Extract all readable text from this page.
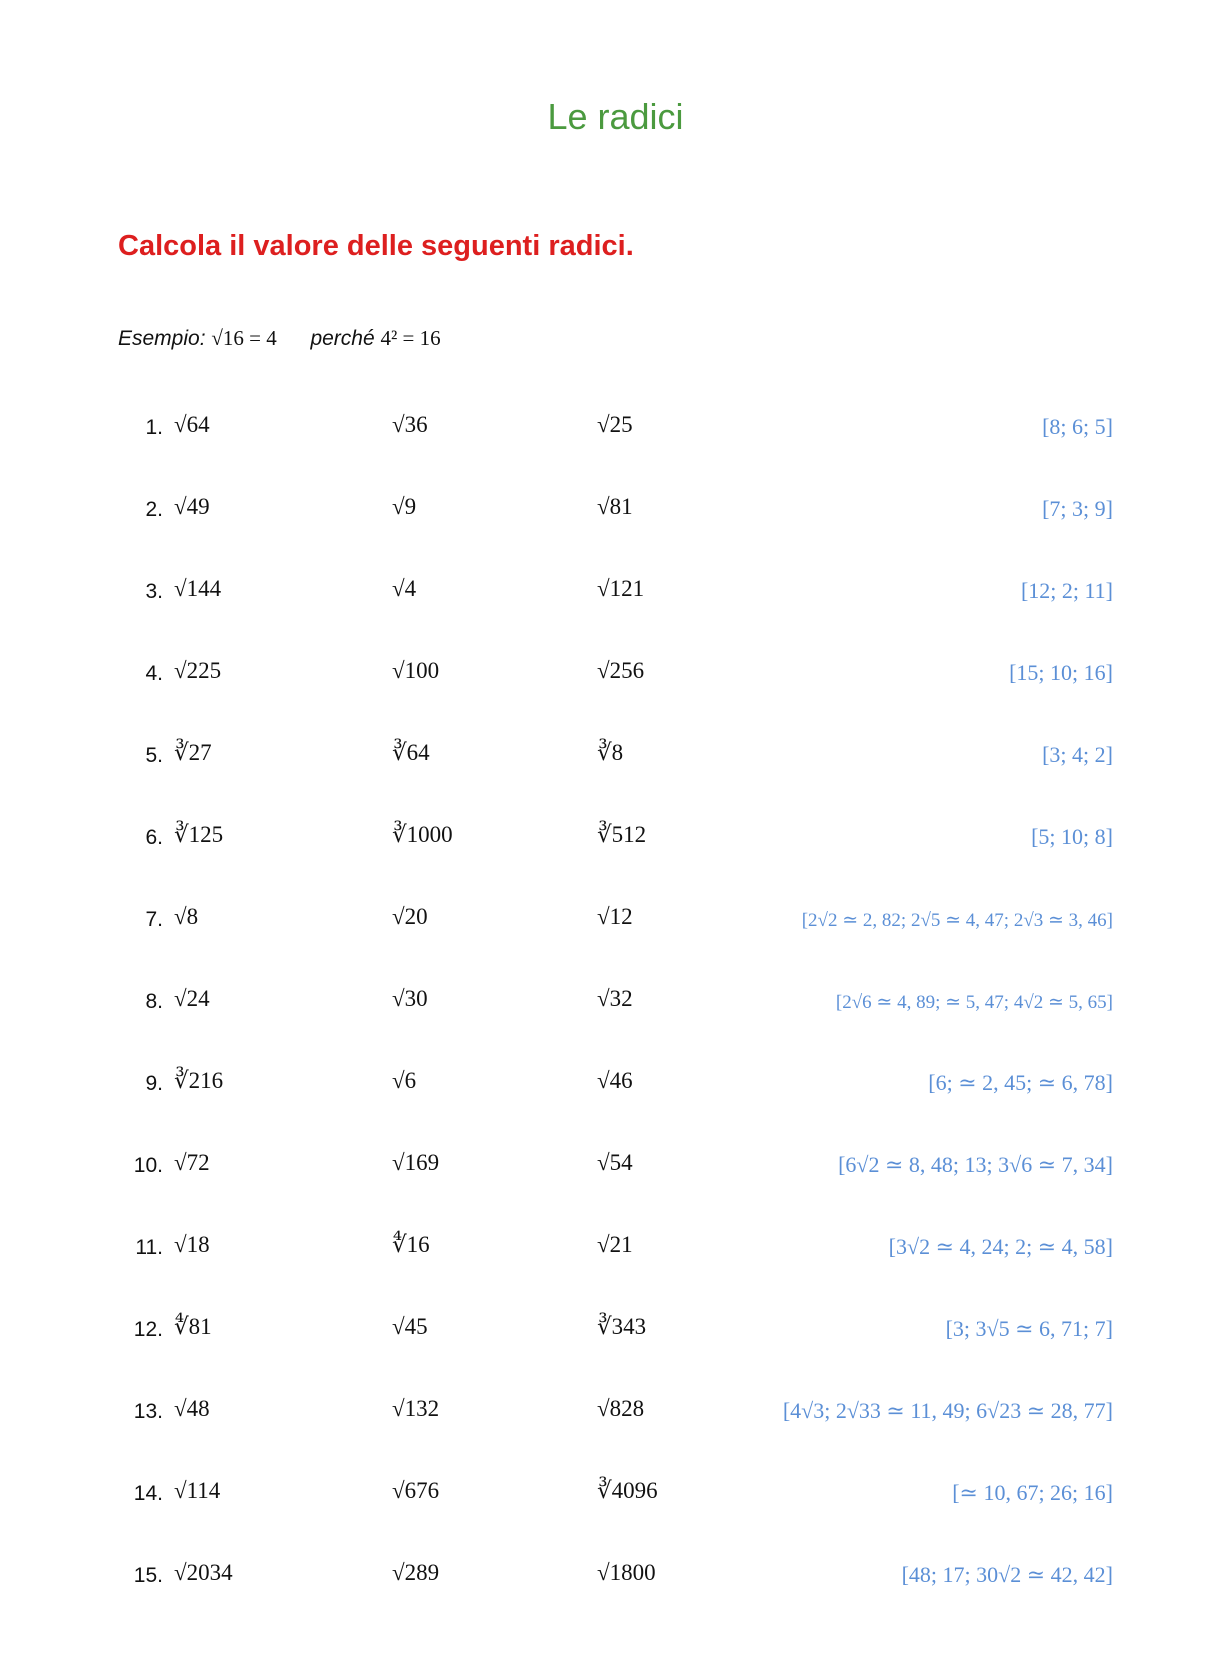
Le radici
Calcola il valore delle seguenti radici.
Esempio: √16 = 4 perché 4² = 16
1. √64	√36	√25	[8; 6; 5]
2. √49	√9	√81	[7; 3; 9]
3. √144	√4	√121	[12; 2; 11]
4. √225	√100	√256	[15; 10; 16]
5. ∛27	∛64	∛8	[3; 4; 2]
6. ∛125	∛1000	∛512	[5; 10; 8]
7. √8	√20	√12	[2√2 ≃ 2, 82; 2√5 ≃ 4, 47; 2√3 ≃ 3, 46]
8. √24	√30	√32	[2√6 ≃ 4, 89; ≃ 5, 47; 4√2 ≃ 5, 65]
9. ∛216	√6	√46	[6; ≃ 2, 45; ≃ 6, 78]
10. √72	√169	√54	[6√2 ≃ 8, 48; 13; 3√6 ≃ 7, 34]
11. √18	∜16	√21	[3√2 ≃ 4, 24; 2; ≃ 4, 58]
12. ∜81	√45	∛343	[3; 3√5 ≃ 6, 71; 7]
13. √48	√132	√828	[4√3; 2√33 ≃ 11, 49; 6√23 ≃ 28, 77]
14. √114	√676	∛4096	[≃ 10, 67; 26; 16]
15. √2034	√289	√1800	[48; 17; 30√2 ≃ 42, 42]
